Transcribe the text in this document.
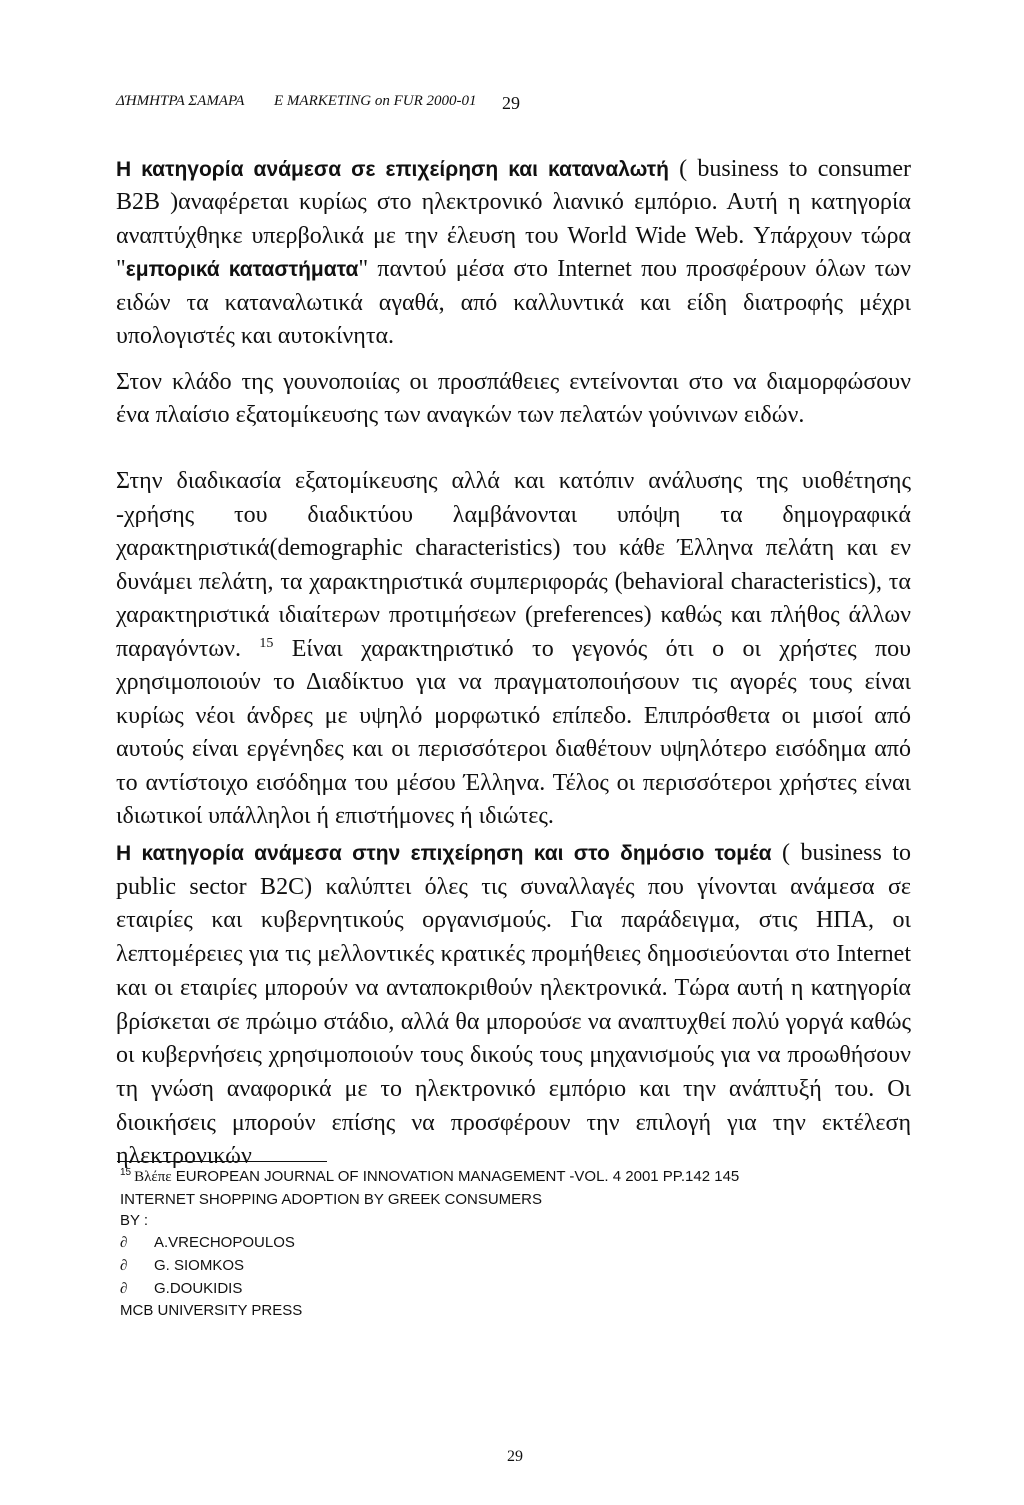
ΔΉΜΗΤΡΑ ΣΑΜΑΡΑ E MARKETING on FUR 2000-01 29

Η κατηγορία ανάμεσα σε επιχείρηση και καταναλωτή ( business to consumer B2B )αναφέρεται κυρίως στο ηλεκτρονικό λιανικό εμπόριο. Αυτή η κατηγορία αναπτύχθηκε υπερβολικά με την έλευση του World Wide Web. Υπάρχουν τώρα "εμπορικά καταστήματα" παντού μέσα στο Internet που προσφέρουν όλων των ειδών τα καταναλωτικά αγαθά, από καλλυντικά και είδη διατροφής μέχρι υπολογιστές και αυτοκίνητα.

Στον κλάδο της γουνοποιίας οι προσπάθειες εντείνονται στο να διαμορφώσουν ένα πλαίσιο εξατομίκευσης των αναγκών των πελατών γούνινων ειδών.

Στην διαδικασία εξατομίκευσης αλλά και κατόπιν ανάλυσης της υιοθέτησης -χρήσης του διαδικτύου λαμβάνονται υπόψη τα δημογραφικά χαρακτηριστικά(demographic characteristics) του κάθε Έλληνα πελάτη και εν δυνάμει πελάτη, τα χαρακτηριστικά συμπεριφοράς (behavioral characteristics), τα χαρακτηριστικά ιδιαίτερων προτιμήσεων (preferences) καθώς και πλήθος άλλων παραγόντων. $^{15}$ Είναι χαρακτηριστικό το γεγονός ότι ο οι χρήστες που χρησιμοποιούν το Διαδίκτυο για να πραγματοποιήσουν τις αγορές τους είναι κυρίως νέοι άνδρες με υψηλό μορφωτικό επίπεδο. Επιπρόσθετα οι μισοί από αυτούς είναι εργένηδες και οι περισσότεροι διαθέτουν υψηλότερο εισόδημα από το αντίστοιχο εισόδημα του μέσου Έλληνα. Τέλος οι περισσότεροι χρήστες είναι ιδιωτικοί υπάλληλοι ή επιστήμονες ή ιδιώτες.

Η κατηγορία ανάμεσα στην επιχείρηση και στο δημόσιο τομέα ( business to public sector B2C) καλύπτει όλες τις συναλλαγές που γίνονται ανάμεσα σε εταιρίες και κυβερνητικούς οργανισμούς. Για παράδειγμα, στις ΗΠΑ, οι λεπτομέρειες για τις μελλοντικές κρατικές προμήθειες δημοσιεύονται στο Internet και οι εταιρίες μπορούν να ανταποκριθούν ηλεκτρονικά. Τώρα αυτή η κατηγορία βρίσκεται σε πρώιμο στάδιο, αλλά θα μπορούσε να αναπτυχθεί πολύ γοργά καθώς οι κυβερνήσεις χρησιμοποιούν τους δικούς τους μηχανισμούς για να προωθήσουν τη γνώση αναφορικά με το ηλεκτρονικό εμπόριο και την ανάπτυξή του. Οι διοικήσεις μπορούν επίσης να προσφέρουν την επιλογή για την εκτέλεση ηλεκτρονικών

$^{15}$ Βλέπε EUROPEAN JOURNAL OF INNOVATION MANAGEMENT -VOL. 4 2001 PP.142 145
INTERNET SHOPPING ADOPTION BY GREEK CONSUMERS
BY :
∂ A.VRECHOPOULOS
∂ G. SIOMKOS
∂ G.DOUKIDIS
MCB UNIVERSITY PRESS
29
